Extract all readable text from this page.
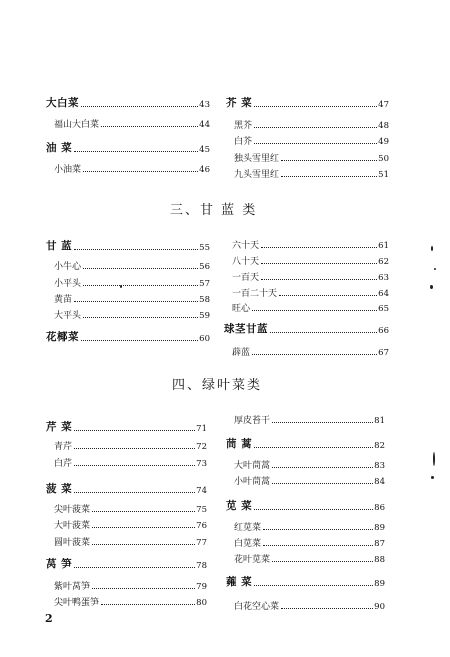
三、甘 蓝 类
四、绿叶菜类
大白菜	43
福山大白菜	44
油 菜	45
小油菜	46
芥 菜	47
黑芥	48
白芥	49
独头雪里红	50
九头雪里红	51
甘 蓝	55
小牛心	56
小平头	57
黄苗	58
大平头	59
花椰菜	60
六十天	61
八十天	62
一百天	63
一百二十天	64
旺心	65
球茎甘蓝	66
薜蓝	67
芹 菜	71
青芹	72
白芹	73
菠 菜	74
尖叶菠菜	75
大叶菠菜	76
圆叶菠菜	77
莴 笋	78
紫叶莴笋	79
尖叶鸭蛋笋	80
厚皮苔干	81
茼 蒿	82
大叶茼蒿	83
小叶茼蒿	84
苋 菜	86
红苋菜	89
白苋菜	87
花叶苋菜	88
蕹 菜	89
白花空心菜	90
2
